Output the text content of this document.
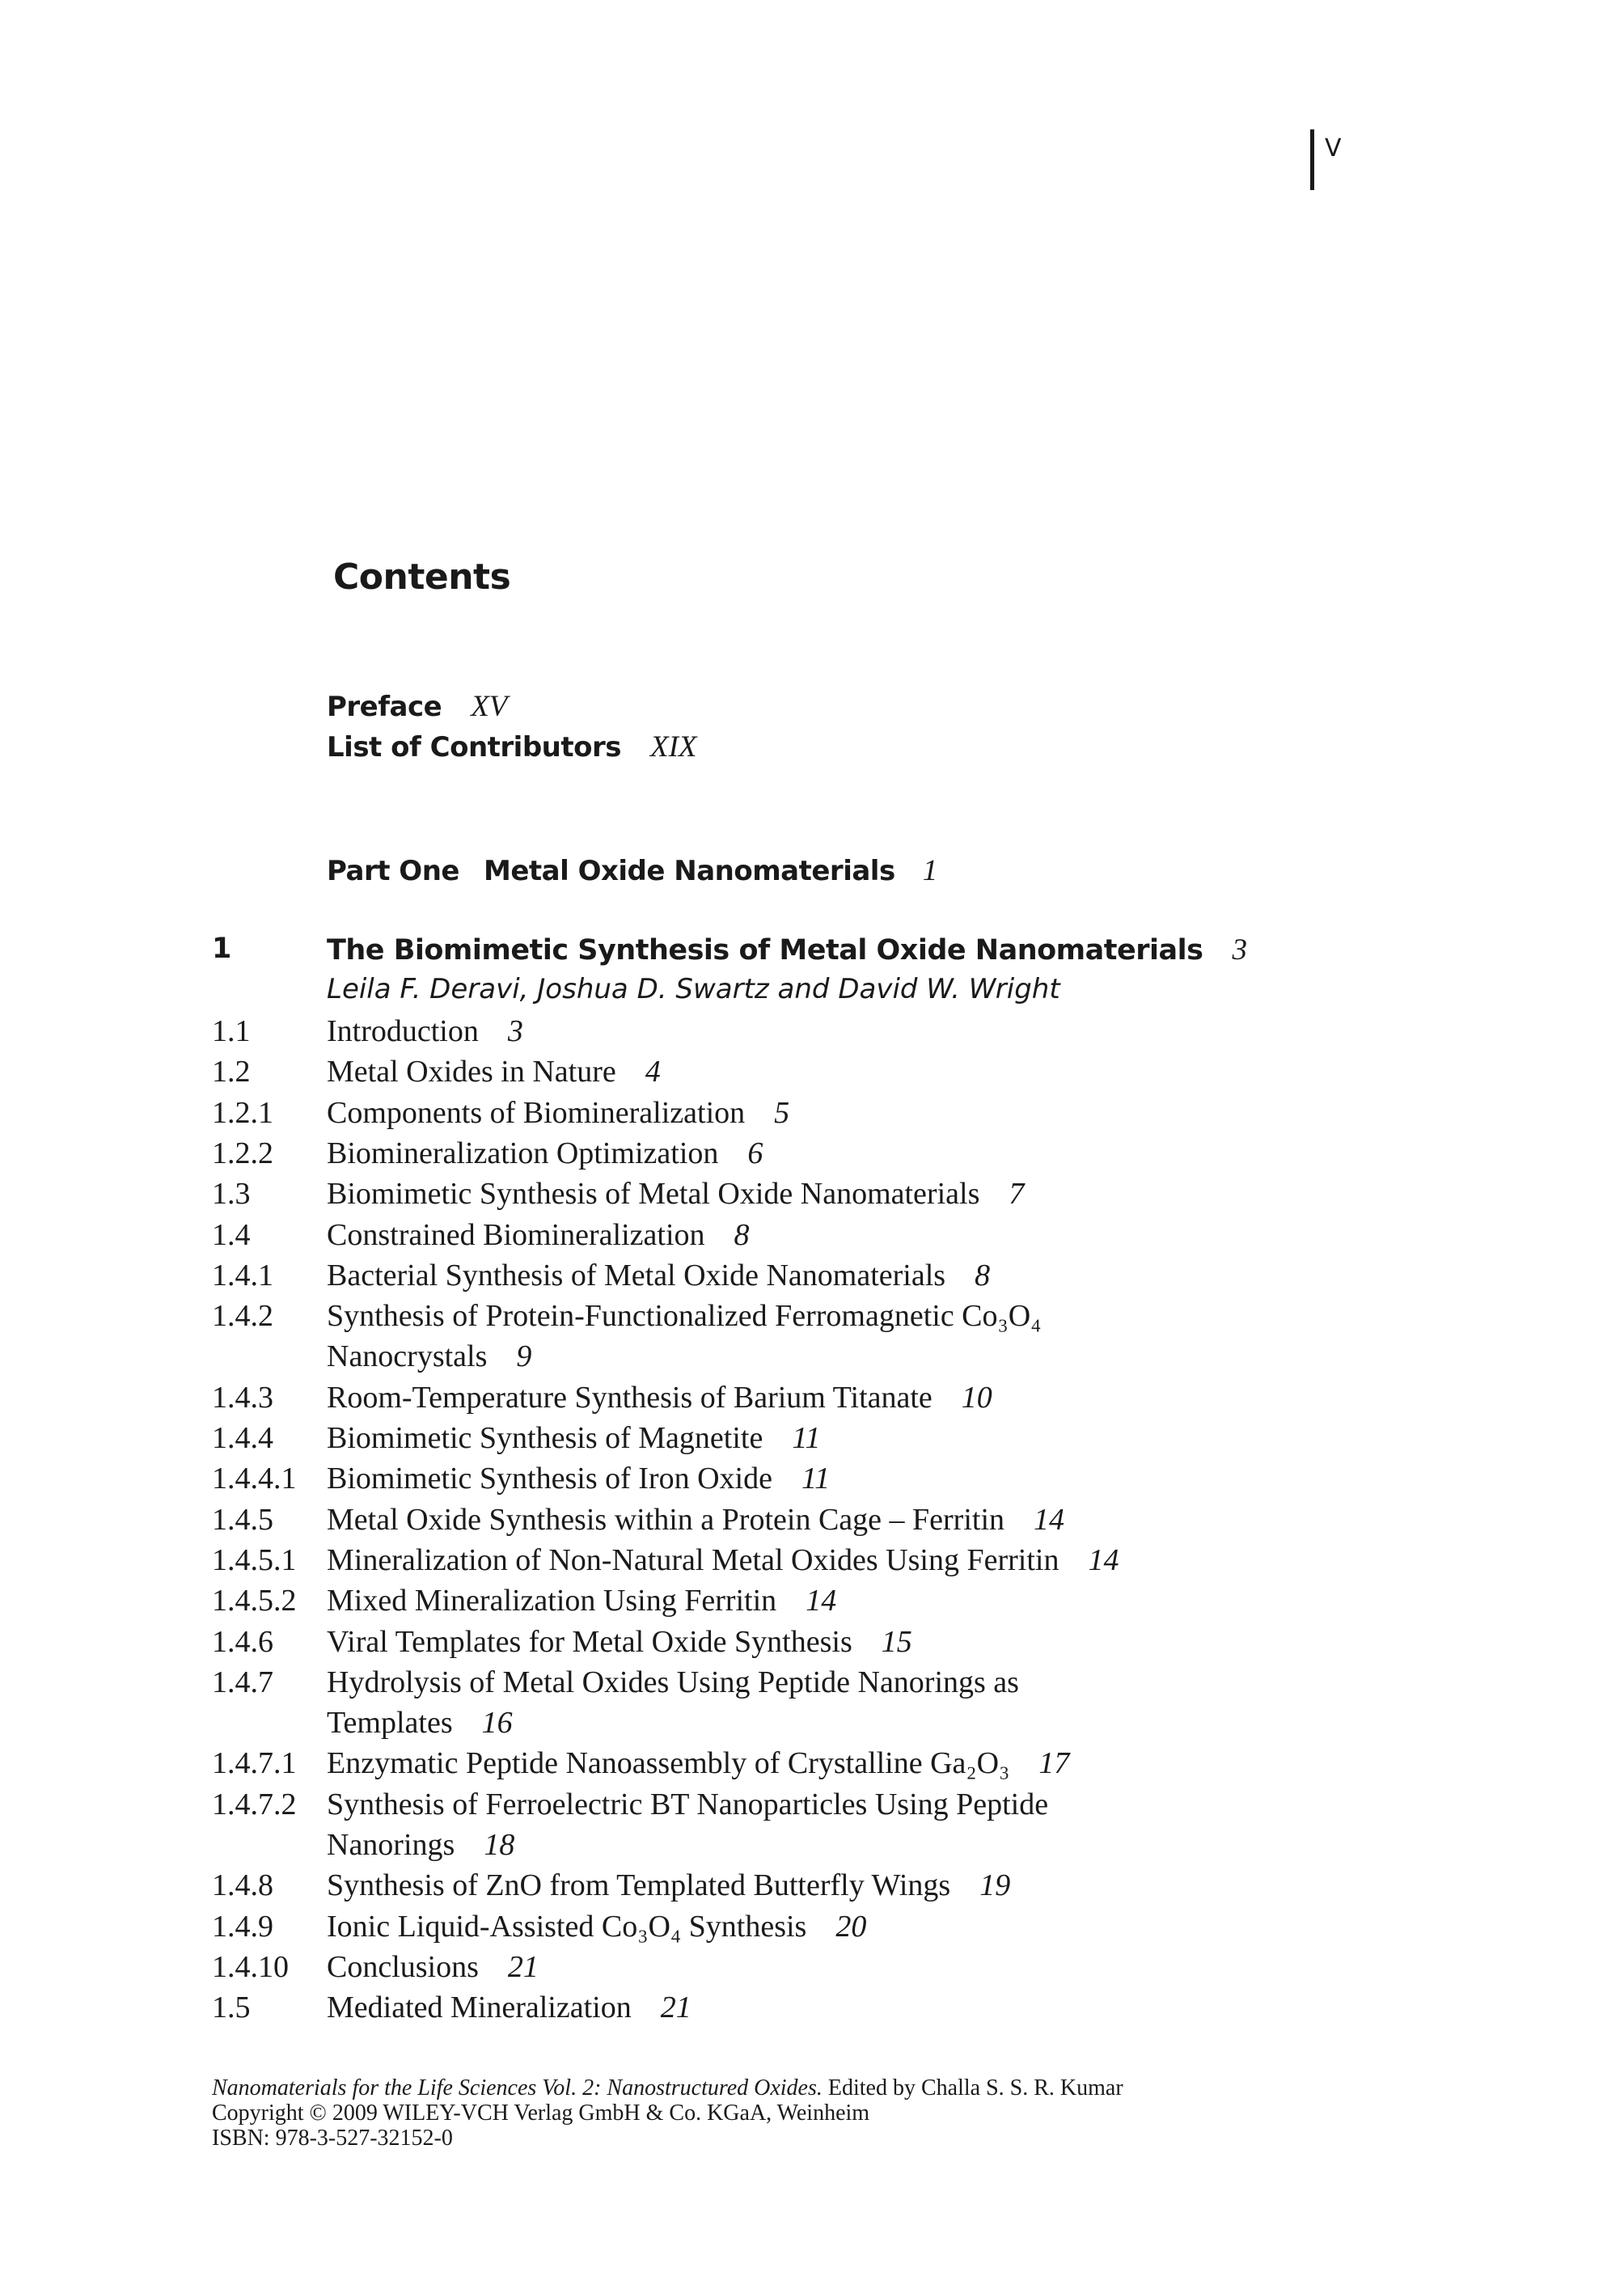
V
Contents
Preface XV
List of Contributors XIX
Part One Metal Oxide Nanomaterials 1
1	The Biomimetic Synthesis of Metal Oxide Nanomaterials 3
Leila F. Deravi, Joshua D. Swartz and David W. Wright
1.1 Introduction 3
1.2 Metal Oxides in Nature 4
1.2.1 Components of Biomineralization 5
1.2.2 Biomineralization Optimization 6
1.3 Biomimetic Synthesis of Metal Oxide Nanomaterials 7
1.4 Constrained Biomineralization 8
1.4.1 Bacterial Synthesis of Metal Oxide Nanomaterials 8
1.4.2 Synthesis of Protein-Functionalized Ferromagnetic Co₃O₄
Nanocrystals 9
1.4.3 Room-Temperature Synthesis of Barium Titanate 10
1.4.4 Biomimetic Synthesis of Magnetite 11
1.4.4.1 Biomimetic Synthesis of Iron Oxide 11
1.4.5 Metal Oxide Synthesis within a Protein Cage – Ferritin 14
1.4.5.1 Mineralization of Non-Natural Metal Oxides Using Ferritin 14
1.4.5.2 Mixed Mineralization Using Ferritin 14
1.4.6 Viral Templates for Metal Oxide Synthesis 15
1.4.7 Hydrolysis of Metal Oxides Using Peptide Nanorings as
Templates 16
1.4.7.1 Enzymatic Peptide Nanoassembly of Crystalline Ga₂O₃ 17
1.4.7.2 Synthesis of Ferroelectric BT Nanoparticles Using Peptide
Nanorings 18
1.4.8 Synthesis of ZnO from Templated Butterfly Wings 19
1.4.9 Ionic Liquid-Assisted Co₃O₄ Synthesis 20
1.4.10 Conclusions 21
1.5 Mediated Mineralization 21
Nanomaterials for the Life Sciences Vol. 2: Nanostructured Oxides. Edited by Challa S. S. R. Kumar
Copyright © 2009 WILEY-VCH Verlag GmbH & Co. KGaA, Weinheim
ISBN: 978-3-527-32152-0
